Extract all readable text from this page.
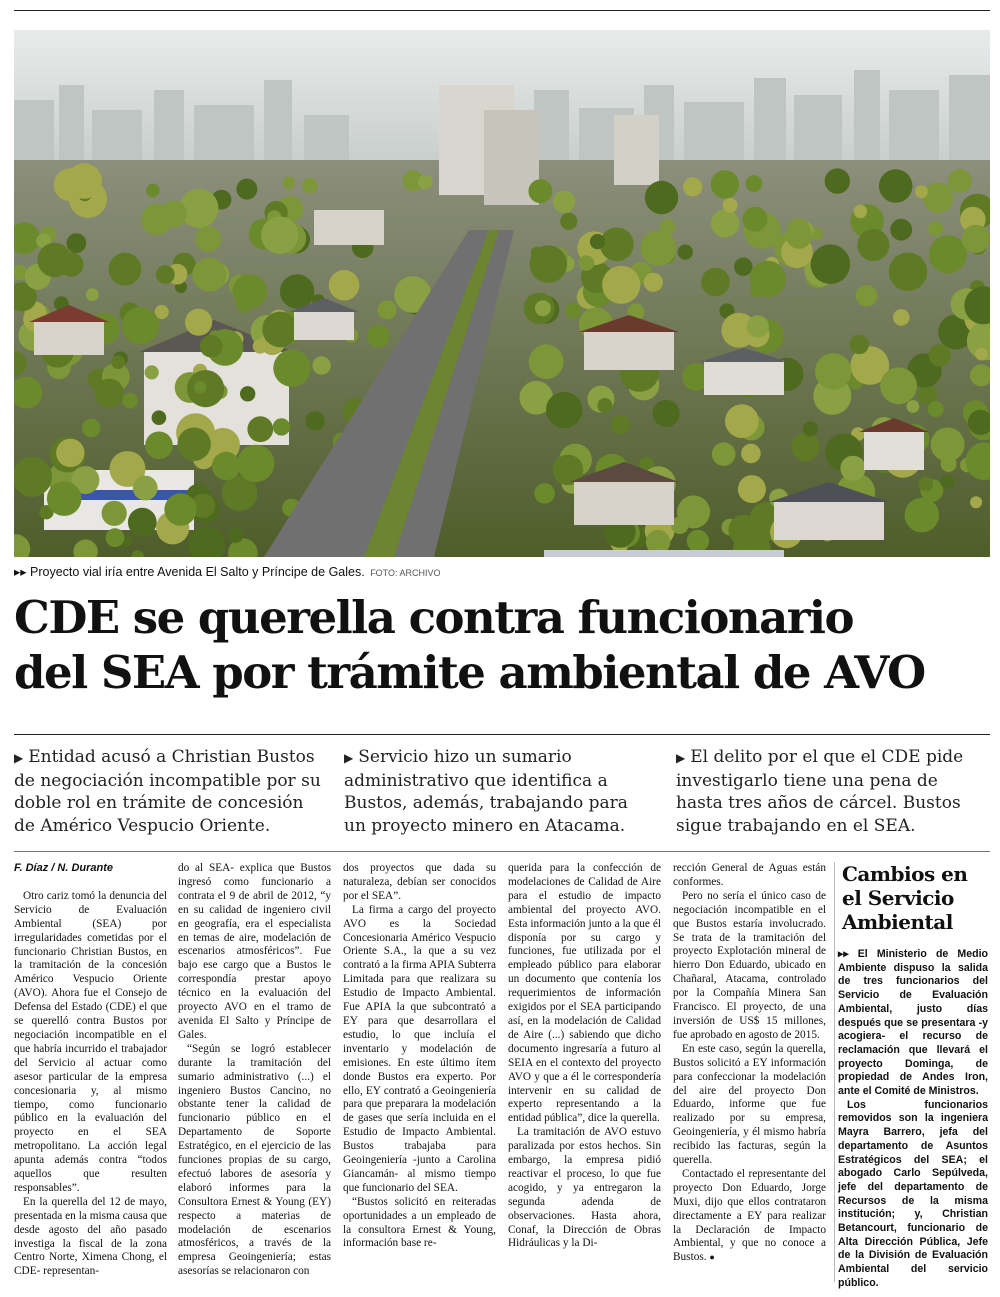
▸▸ Proyecto vial iría entre Avenida El Salto y Príncipe de Gales. FOTO: ARCHIVO
CDE se querella contra funcionario
del SEA por trámite ambiental de AVO
▶ Entidad acusó a Christian Bustos de negociación incompatible por su doble rol en trámite de concesión de Américo Vespucio Oriente.
▶ Servicio hizo un sumario administrativo que identifica a Bustos, además, trabajando para un proyecto minero en Atacama.
▶ El delito por el que el CDE pide investigarlo tiene una pena de hasta tres años de cárcel. Bustos sigue trabajando en el SEA.

F. Díaz / N. Durante

Otro cariz tomó la denuncia del Servicio de Evaluación Ambiental (SEA) por irregularidades cometidas por el funcionario Christian Bustos, en la tramitación de la concesión Américo Vespucio Oriente (AVO). Ahora fue el Consejo de Defensa del Estado (CDE) el que se querelló contra Bustos por negociación incompatible en el que habría incurrido el trabajador del Servicio al actuar como asesor particular de la empresa concesionaria y, al mismo tiempo, como funcionario público en la evaluación del proyecto en el SEA metropolitano. La acción legal apunta además contra “todos aquellos que resulten responsables”.

En la querella del 12 de mayo, presentada en la misma causa que desde agosto del año pasado investiga la fiscal de la zona Centro Norte, Ximena Chong, el CDE- representan-

do al SEA- explica que Bustos ingresó como funcionario a contrata el 9 de abril de 2012, “y en su calidad de ingeniero civil en geografía, era el especialista en temas de aire, modelación de escenarios atmosféricos”. Fue bajo ese cargo que a Bustos le correspondía prestar apoyo técnico en la evaluación del proyecto AVO en el tramo de avenida El Salto y Príncipe de Gales.

“Según se logró establecer durante la tramitación del sumario administrativo (...) el ingeniero Bustos Cancino, no obstante tener la calidad de funcionario público en el Departamento de Soporte Estratégico, en el ejercicio de las funciones propias de su cargo, efectuó labores de asesoría y elaboró informes para la Consultora Ernest & Young (EY) respecto a materias de modelación de escenarios atmosféricos, a través de la empresa Geoingeniería; estas asesorías se relacionaron con

dos proyectos que dada su naturaleza, debían ser conocidos por el SEA”.

La firma a cargo del proyecto AVO es la Sociedad Concesionaria Américo Vespucio Oriente S.A., la que a su vez contrató a la firma APIA Subterra Limitada para que realizara su Estudio de Impacto Ambiental. Fue APIA la que subcontrató a EY para que desarrollara el estudio, lo que incluía el inventario y modelación de emisiones. En este último ítem donde Bustos era experto. Por ello, EY contrató a Geoingeniería para que preparara la modelación de gases que sería incluida en el Estudio de Impacto Ambiental. Bustos trabajaba para Geoingeniería -junto a Carolina Giancamán- al mismo tiempo que funcionario del SEA.

“Bustos solicitó en reiteradas oportunidades a un empleado de la consultora Ernest & Young, información base re-

querida para la confección de modelaciones de Calidad de Aire para el estudio de impacto ambiental del proyecto AVO. Esta información junto a la que él disponía por su cargo y funciones, fue utilizada por el empleado público para elaborar un documento que contenía los requerimientos de información exigidos por el SEA participando así, en la modelación de Calidad de Aire (...) sabiendo que dicho documento ingresaría a futuro al SEIA en el contexto del proyecto AVO y que a él le correspondería intervenir en su calidad de experto representando a la entidad pública”, dice la querella.

La tramitación de AVO estuvo paralizada por estos hechos. Sin embargo, la empresa pidió reactivar el proceso, lo que fue acogido, y ya entregaron la segunda adenda de observaciones. Hasta ahora, Conaf, la Dirección de Obras Hidráulicas y la Di-

rección General de Aguas están conformes.

Pero no sería el único caso de negociación incompatible en el que Bustos estaría involucrado. Se trata de la tramitación del proyecto Explotación mineral de hierro Don Eduardo, ubicado en Chañaral, Atacama, controlado por la Compañía Minera San Francisco. El proyecto, de una inversión de US$ 15 millones, fue aprobado en agosto de 2015.

En este caso, según la querella, Bustos solicitó a EY información para confeccionar la modelación del aire del proyecto Don Eduardo, informe que fue realizado por su empresa, Geoingeniería, y él mismo habría recibido las facturas, según la querella.

Contactado el representante del proyecto Don Eduardo, Jorge Muxi, dijo que ellos contrataron directamente a EY para realizar la Declaración de Impacto Ambiental, y que no conoce a Bustos. ●

Cambios en el Servicio Ambiental

▸▸ El Ministerio de Medio Ambiente dispuso la salida de tres funcionarios del Servicio de Evaluación Ambiental, justo días después que se presentara -y acogiera- el recurso de reclamación que llevará el proyecto Dominga, de propiedad de Andes Iron, ante el Comité de Ministros.

Los funcionarios removidos son la ingeniera Mayra Barrero, jefa del departamento de Asuntos Estratégicos del SEA; el abogado Carlo Sepúlveda, jefe del departamento de Recursos de la misma institución; y, Christian Betancourt, funcionario de Alta Dirección Pública, Jefe de la División de Evaluación Ambiental del servicio público.
